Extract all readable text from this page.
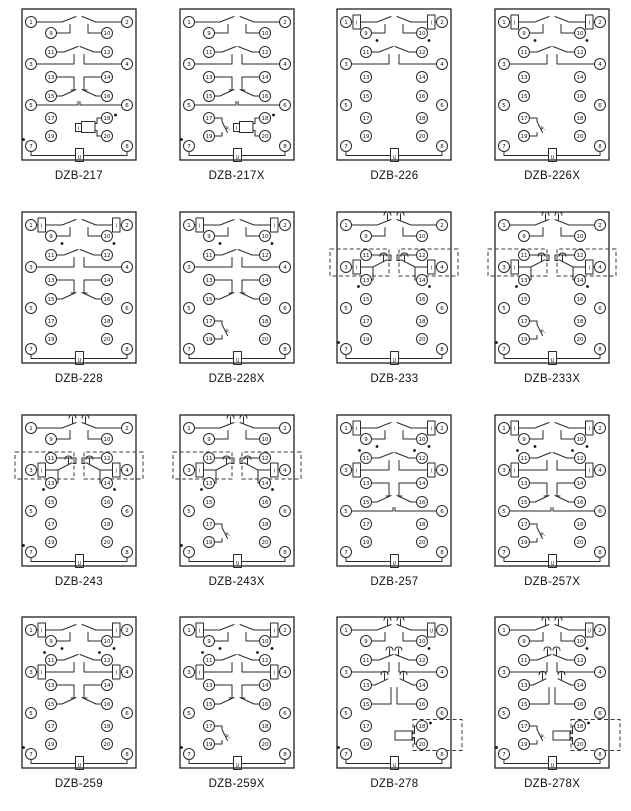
I
U
1	2
9	10
11	12
3	4
13	14
15	16
5	6
17	18
19	20
7	8
DZB-217
P- I
U
1	2
9	10
11	12
3	4
13	14
15	16
5	6
17	18
19	20
7	8
DZB-217X
I	I
U
1	2
9	10
11	12
3	4
13	14
15	16
5	6
17	18
19	20
7	8
DZB-226
I	I
P-
U
1	2
9	10
11	12
3	4
13	14
15	16
5	6
17	18
19	20
7	8
DZB-226X
I	I
U
1	2
9	10
11	12
3	4
13	14
15	16
5	6
17	18
19	20
7	8
DZB-228
I	I
P-
U
1	2
9	10
11	12
3	4
13	14
15	16
5	6
17	18
19	20
7	8
DZB-228X
I	I
U
1	2
9	10
11	12
3	4
13	14
15	16
5	6
17	18
19	20
7	8
DZB-233
I	I
P-
U
1	2
9	10
11	12
3	4
13	14
15	16
5	6
17	18
19	20
7	8
DZB-233X
I	I
U
1	2
9	10
11	12
3	4
13	14
15	16
5	6
17	18
19	20
7	8
DZB-243
I	I
P-
U
1	2
9	10
11	12
3	4
13	14
15	16
5	6
17	18
19	20
7	8
DZB-243X
I
I
I
I
U
1	2
9	10
11	12
3	4
13	14
15	16
5	6
17	18
19	20
7	8
DZB-257
I
I
I
I
P-
U
1	2
9	10
11	12
3	4
13	14
15	16
5	6
17	18
19	20
7	8
DZB-257X
I
I
I
I
U
1	2
9	10
11	12
3	4
13	14
15	16
5	6
17	18
19	20
7	8
DZB-259
I
I
I
I
P-
U
1	2
9	10
11	12
3	4
13	14
15	16
5	6
17	18
19	20
7	8
DZB-259X
U
U
1	2
9	10
11	12
3	4
13	14
15	16
5	6
17	18
19	20
7	8
DZB-278
U
P-
U
1	2
9	10
11	12
3	4
13	14
15	16
5	6
17	18
19	20
7	8
DZB-278X
